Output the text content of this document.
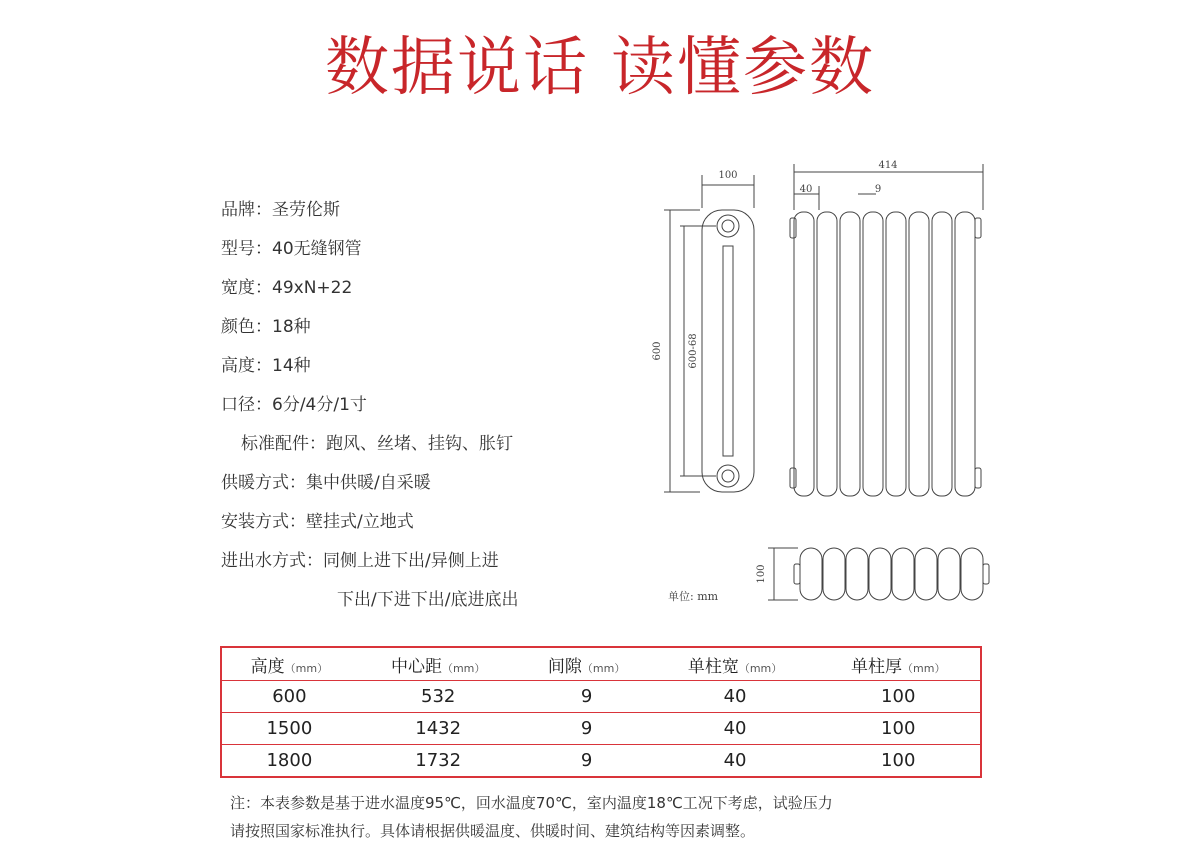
数据说话 读懂参数
品牌：圣劳伦斯
型号：40无缝钢管
宽度：49xN+22
颜色：18种
高度：14种
口径：6分/4分/1寸
标准配件：跑风、丝堵、挂钩、胀钉
供暖方式：集中供暖/自采暖
安装方式：壁挂式/立地式
进出水方式：同侧上进下出/异侧上进
下出/下进下出/底进底出
100
414
40	9
600	600-68
100
单位: mm
高度（mm）	中心距（mm）	间隙（mm）	单柱宽（mm）	单柱厚（mm）
600	532	9	40	100
1500	1432	9	40	100
1800	1732	9	40	100
注：本表参数是基于进水温度95℃，回水温度70℃，室内温度18℃工况下考虑，试验压力
请按照国家标准执行。具体请根据供暖温度、供暖时间、建筑结构等因素调整。
